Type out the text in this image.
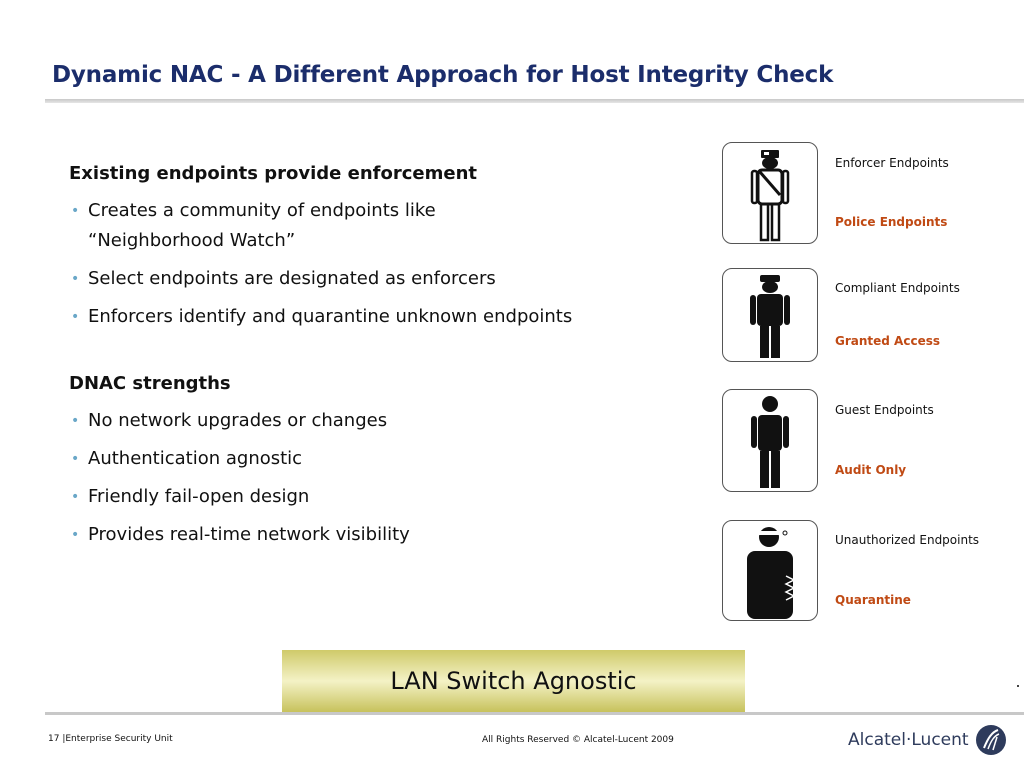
Dynamic NAC - A Different Approach for Host Integrity Check
Existing endpoints provide enforcement
• Creates a community of endpoints like
“Neighborhood Watch”
• Select endpoints are designated as enforcers
• Enforcers identify and quarantine unknown endpoints
DNAC strengths
• No network upgrades or changes
• Authentication agnostic
• Friendly fail-open design
• Provides real-time network visibility
Enforcer Endpoints
Police Endpoints
Compliant Endpoints
Granted Access
Guest Endpoints
Audit Only
Unauthorized Endpoints
Quarantine
LAN Switch Agnostic
17 |Enterprise Security Unit	All Rights Reserved © Alcatel-Lucent 2009	Alcatel·Lucent
